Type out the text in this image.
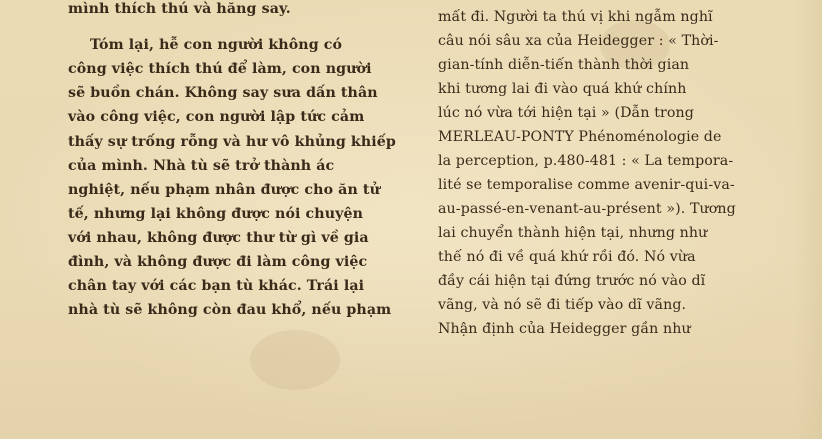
mình thích thú và hăng say.
Tóm lại, hễ con người không có
công việc thích thú để làm, con người
sẽ buồn chán. Không say sưa dấn thân
vào công việc, con người lập tức cảm
thấy sự trống rỗng và hư vô khủng khiếp
của mình. Nhà tù sẽ trở thành ác
nghiệt, nếu phạm nhân được cho ăn tử
tế, nhưng lại không được nói chuyện
với nhau, không được thư từ gì về gia
đình, và không được đi làm công việc
chân tay với các bạn tù khác. Trái lại
nhà tù sẽ không còn đau khổ, nếu phạm
mất đi. Người ta thú vị khi ngẫm nghĩ
câu nói sâu xa của Heidegger : « Thời-
gian-tính diễn-tiến thành thời gian
khi tương lai đi vào quá khứ chính
lúc nó vừa tới hiện tại » (Dẫn trong
MERLEAU-PONTY Phénoménologie de
la perception, p.480-481 : « La tempora-
lité se temporalise comme avenir-qui-va-
au-passé-en-venant-au-présent »). Tương
lai chuyển thành hiện tại, nhưng như
thế nó đi về quá khứ rồi đó. Nó vừa
đầy cái hiện tại đứng trước nó vào dĩ
vãng, và nó sẽ đi tiếp vào dĩ vãng.
Nhận định của Heidegger gần như
